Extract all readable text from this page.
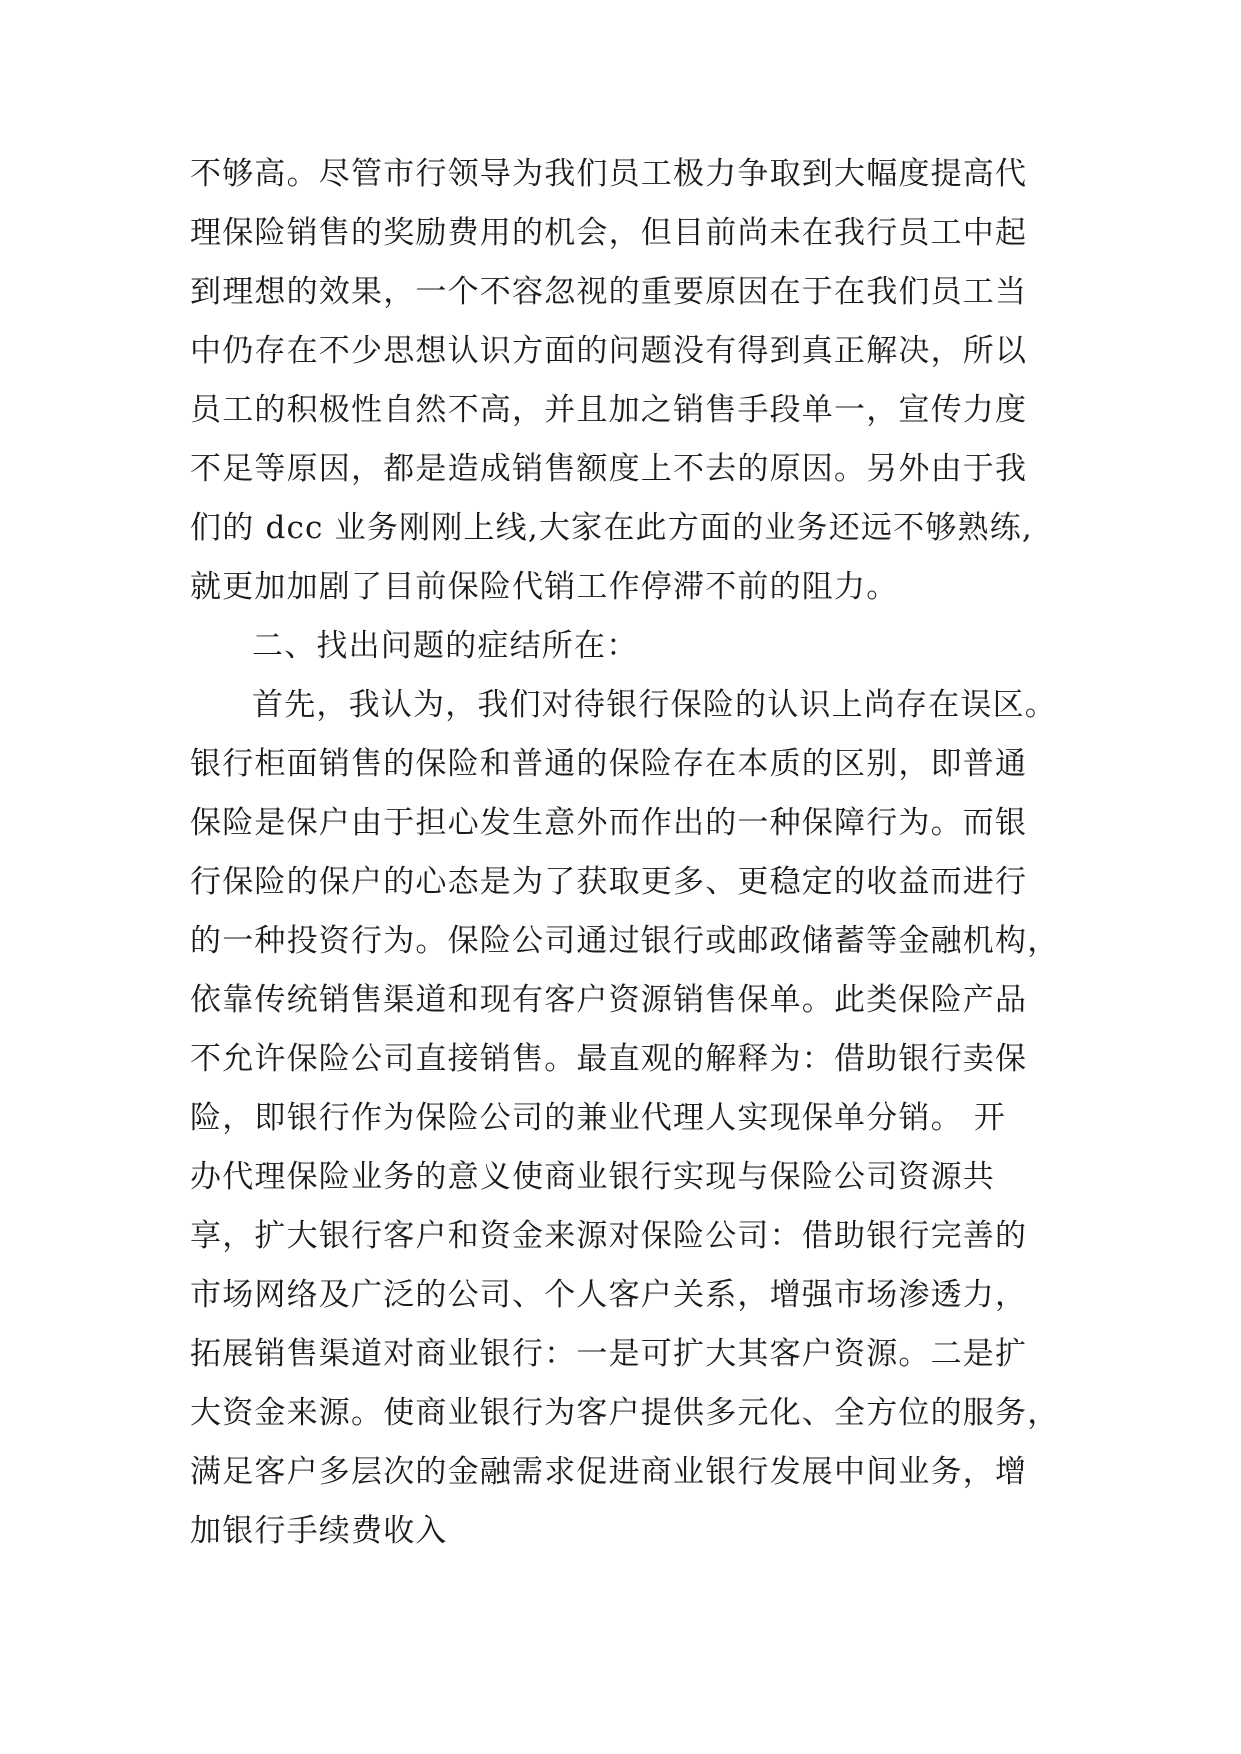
不够高。尽管市行领导为我们员工极力争取到大幅度提高代
理保险销售的奖励费用的机会，但目前尚未在我行员工中起
到理想的效果，一个不容忽视的重要原因在于在我们员工当
中仍存在不少思想认识方面的问题没有得到真正解决，所以
员工的积极性自然不高，并且加之销售手段单一，宣传力度
不足等原因，都是造成销售额度上不去的原因。另外由于我
们的 dcc 业务刚刚上线,大家在此方面的业务还远不够熟练,
就更加加剧了目前保险代销工作停滞不前的阻力。
二、找出问题的症结所在：
首先，我认为，我们对待银行保险的认识上尚存在误区。
银行柜面销售的保险和普通的保险存在本质的区别，即普通
保险是保户由于担心发生意外而作出的一种保障行为。而银
行保险的保户的心态是为了获取更多、更稳定的收益而进行
的一种投资行为。保险公司通过银行或邮政储蓄等金融机构，
依靠传统销售渠道和现有客户资源销售保单。此类保险产品
不允许保险公司直接销售。最直观的解释为：借助银行卖保
险，即银行作为保险公司的兼业代理人实现保单分销。 开
办代理保险业务的意义使商业银行实现与保险公司资源共
享，扩大银行客户和资金来源对保险公司：借助银行完善的
市场网络及广泛的公司、个人客户关系，增强市场渗透力，
拓展销售渠道对商业银行：一是可扩大其客户资源。二是扩
大资金来源。使商业银行为客户提供多元化、全方位的服务，
满足客户多层次的金融需求促进商业银行发展中间业务，增
加银行手续费收入
